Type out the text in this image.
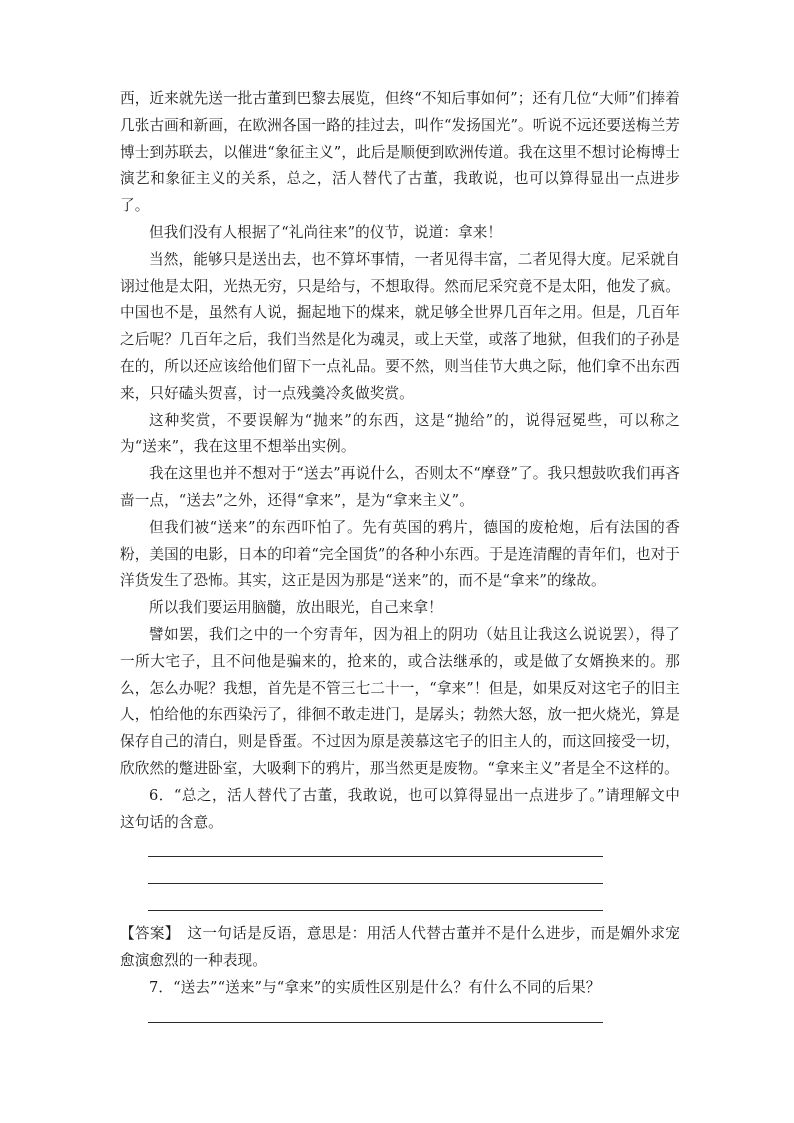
西，近来就先送一批古董到巴黎去展览，但终“不知后事如何”；还有几位“大师”们捧着几张古画和新画，在欧洲各国一路的挂过去，叫作“发扬国光”。听说不远还要送梅兰芳博士到苏联去，以催进“象征主义”，此后是顺便到欧洲传道。我在这里不想讨论梅博士演艺和象征主义的关系，总之，活人替代了古董，我敢说，也可以算得显出一点进步了。

但我们没有人根据了“礼尚往来”的仪节，说道：拿来！

当然，能够只是送出去，也不算坏事情，一者见得丰富，二者见得大度。尼采就自诩过他是太阳，光热无穷，只是给与，不想取得。然而尼采究竟不是太阳，他发了疯。中国也不是，虽然有人说，掘起地下的煤来，就足够全世界几百年之用。但是，几百年之后呢？几百年之后，我们当然是化为魂灵，或上天堂，或落了地狱，但我们的子孙是在的，所以还应该给他们留下一点礼品。要不然，则当佳节大典之际，他们拿不出东西来，只好磕头贺喜，讨一点残羹冷炙做奖赏。

这种奖赏，不要误解为“抛来”的东西，这是“抛给”的，说得冠冕些，可以称之为“送来”，我在这里不想举出实例。

我在这里也并不想对于“送去”再说什么，否则太不“摩登”了。我只想鼓吹我们再吝啬一点，“送去”之外，还得“拿来”，是为“拿来主义”。

但我们被“送来”的东西吓怕了。先有英国的鸦片，德国的废枪炮，后有法国的香粉，美国的电影，日本的印着“完全国货”的各种小东西。于是连清醒的青年们，也对于洋货发生了恐怖。其实，这正是因为那是“送来”的，而不是“拿来”的缘故。

所以我们要运用脑髓，放出眼光，自己来拿！

譬如罢，我们之中的一个穷青年，因为祖上的阴功（姑且让我这么说说罢），得了一所大宅子，且不问他是骗来的，抢来的，或合法继承的，或是做了女婿换来的。那么，怎么办呢？我想，首先是不管三七二十一，“拿来”！但是，如果反对这宅子的旧主人，怕给他的东西染污了，徘徊不敢走进门，是孱头；勃然大怒，放一把火烧光，算是保存自己的清白，则是昏蛋。不过因为原是羡慕这宅子的旧主人的，而这回接受一切，欣欣然的蹩进卧室，大吸剩下的鸦片，那当然更是废物。“拿来主义”者是全不这样的。

6．“总之，活人替代了古董，我敢说，也可以算得显出一点进步了。”请理解文中这句话的含意。

【答案】　这一句话是反语，意思是：用活人代替古董并不是什么进步，而是媚外求宠愈演愈烈的一种表现。

7．“送去”“送来”与“拿来”的实质性区别是什么？有什么不同的后果？
